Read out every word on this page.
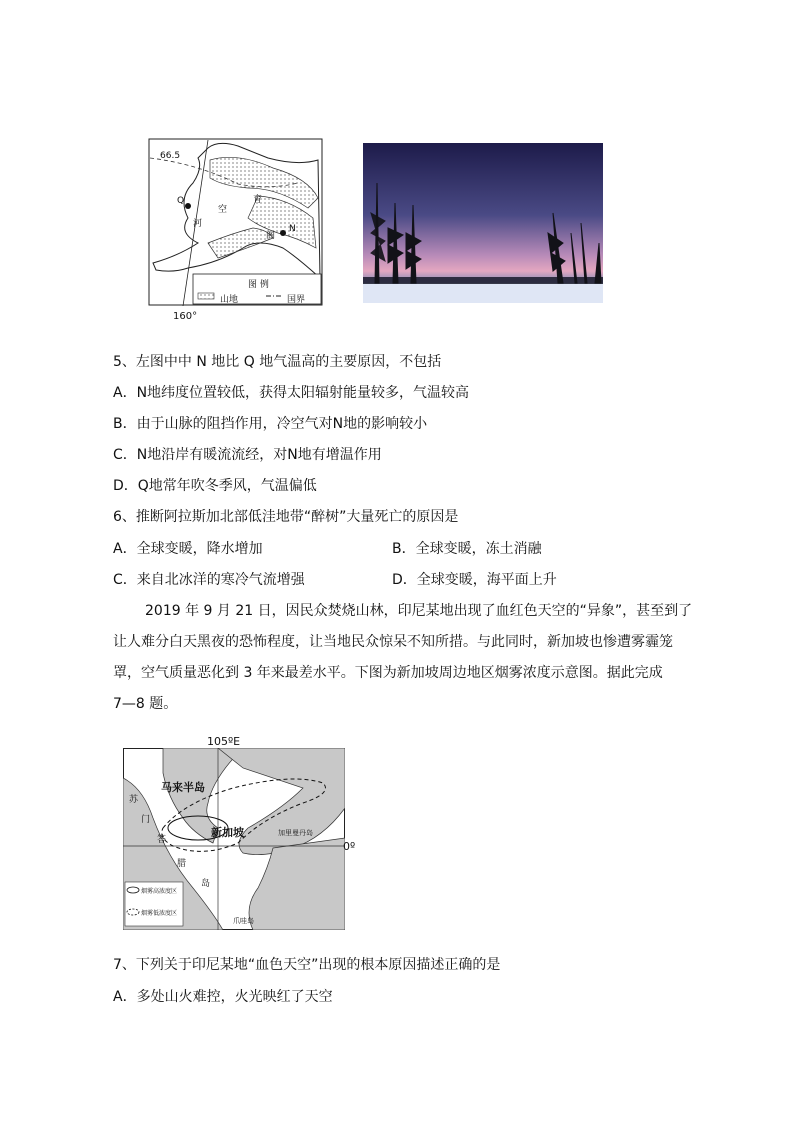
66.5
Q
空
育
河
阁
N
图 例
山地	国界
160°
5、左图中中 N 地比 Q 地气温高的主要原因，不包括
A．N地纬度位置较低，获得太阳辐射能量较多，气温较高
B．由于山脉的阻挡作用，冷空气对N地的影响较小
C．N地沿岸有暖流流经，对N地有增温作用
D．Q地常年吹冬季风，气温偏低
6、推断阿拉斯加北部低洼地带“醉树”大量死亡的原因是
A．全球变暖，降水增加	B．全球变暖，冻土消融
C．来自北冰洋的寒冷气流增强	D．全球变暖，海平面上升
2019 年 9 月 21 日，因民众焚烧山林，印尼某地出现了血红色天空的“异象”，甚至到了
让人难分白天黑夜的恐怖程度，让当地民众惊呆不知所措。与此同时，新加坡也惨遭雾霾笼
罩，空气质量恶化到 3 年来最差水平。下图为新加坡周边地区烟雾浓度示意图。据此完成
7—8 题。
105ºE
马来半岛
新加坡	加里曼丹岛
爪哇岛
苏
门
答
腊
岛
烟雾高浓度区
烟雾低浓度区
0º
7、下列关于印尼某地“血色天空”出现的根本原因描述正确的是
A．多处山火难控，火光映红了天空
